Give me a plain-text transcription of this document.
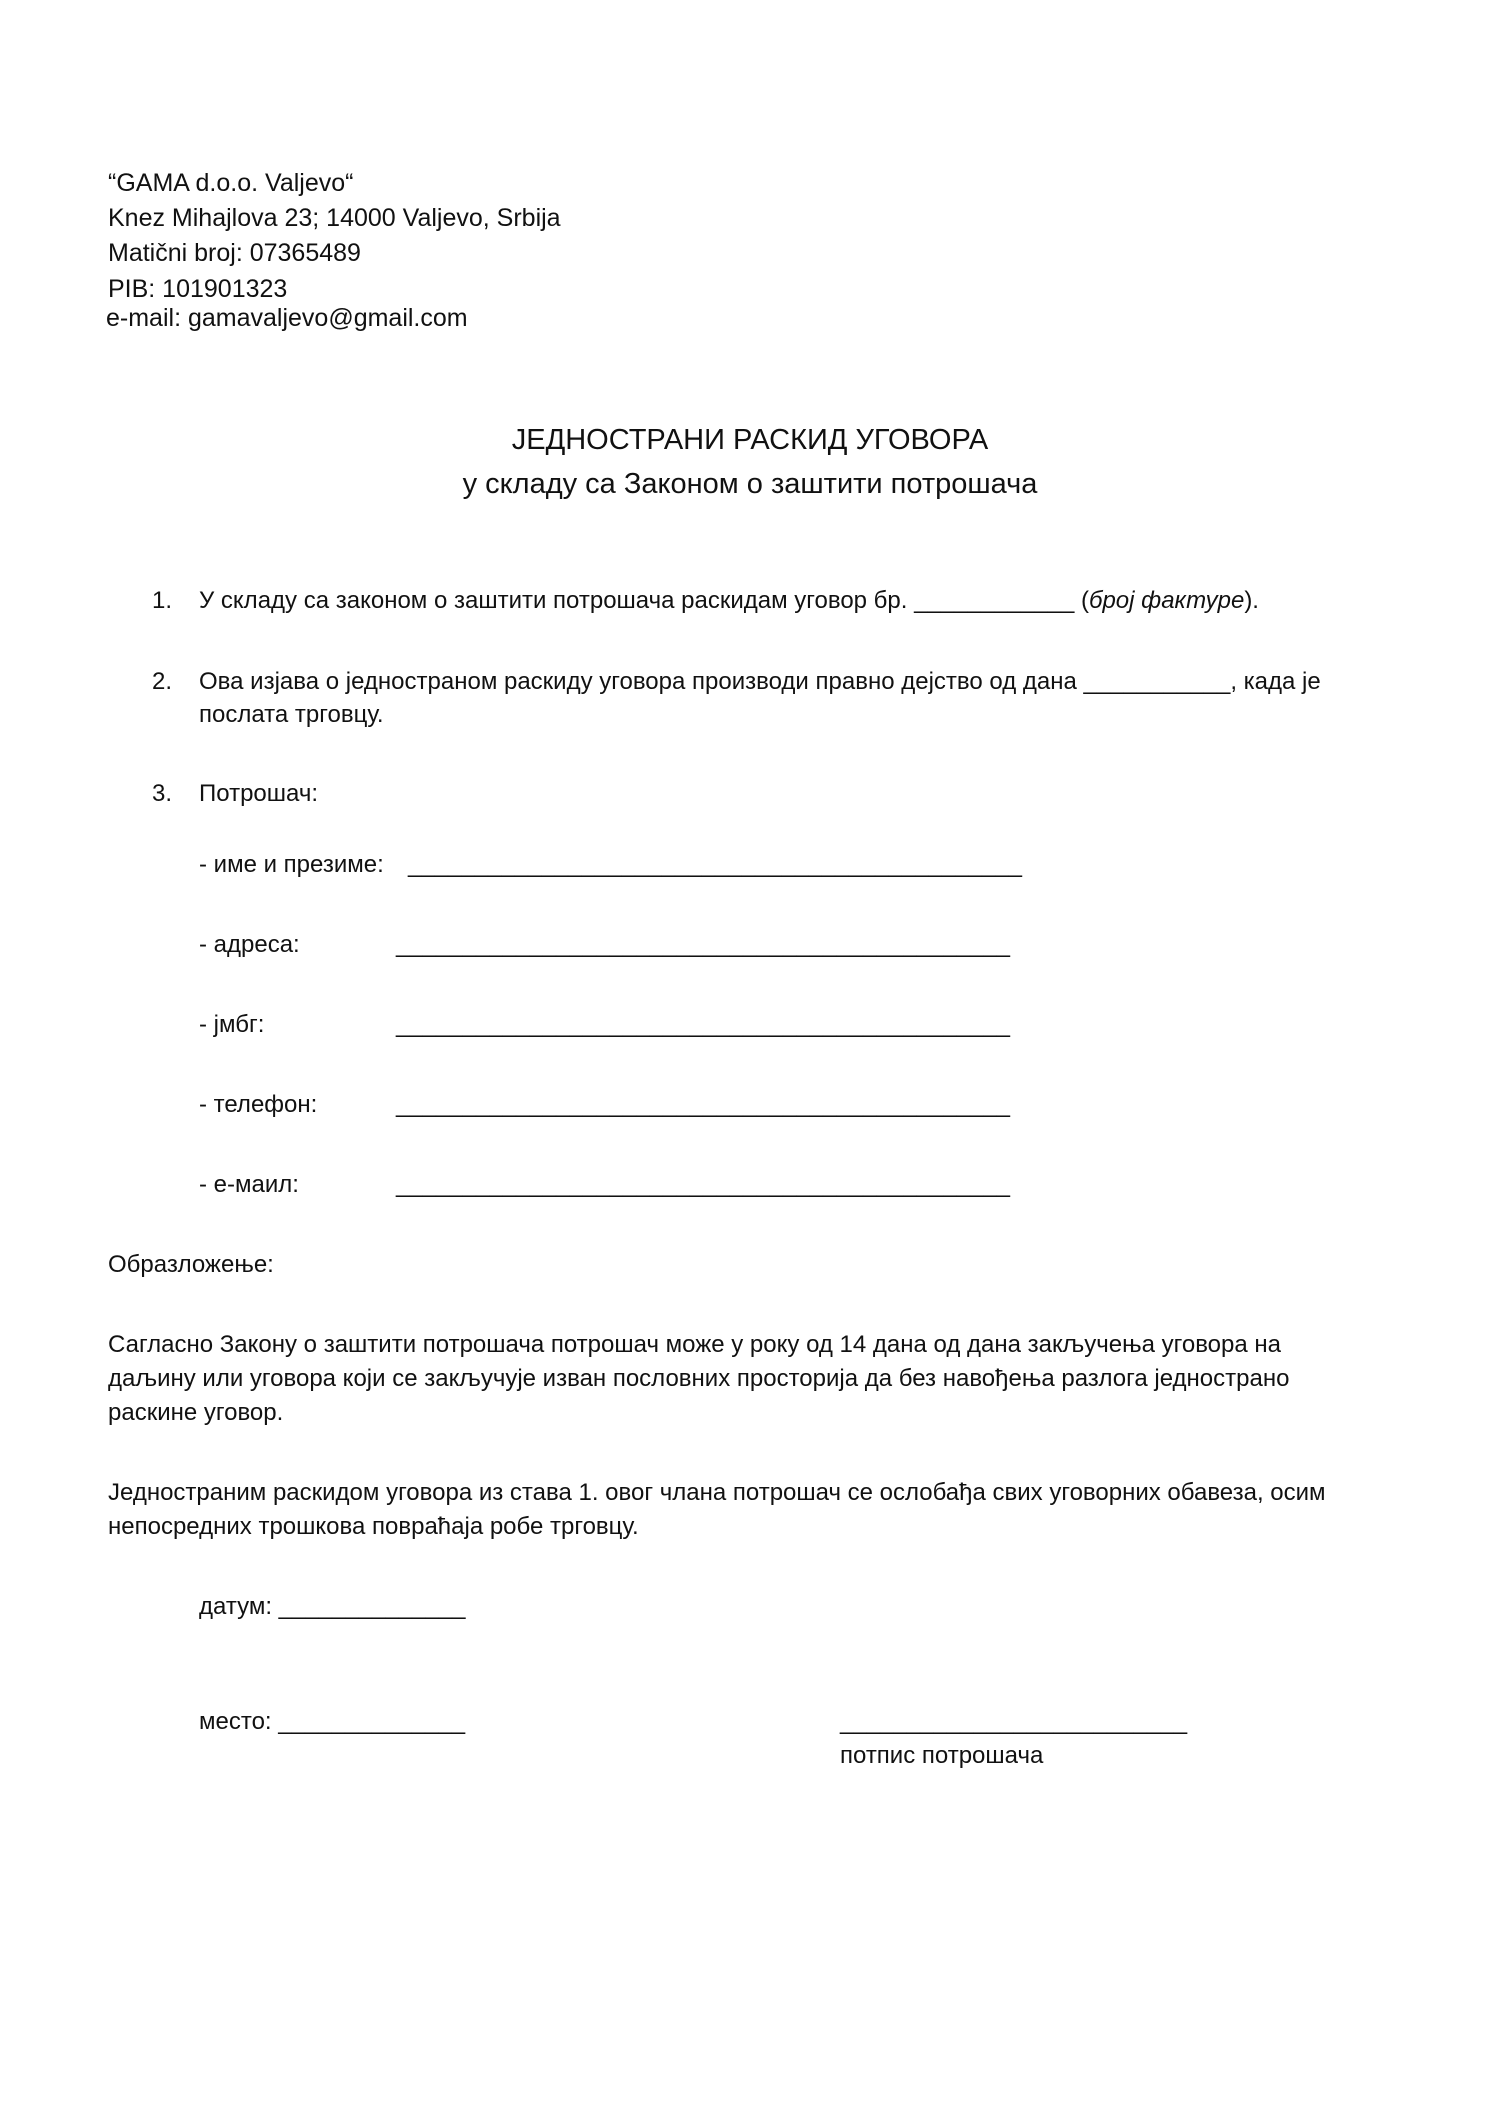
“GAMA d.o.o. Valjevo“
Knez Mihajlova 23; 14000 Valjevo, Srbija
Matični broj: 07365489
PIB: 101901323
e-mail: gamavaljevo@gmail.com
ЈЕДНОСТРАНИ РАСКИД УГОВОРА
у складу са Законом о заштити потрошача
1. У складу са законом о заштити потрошача раскидам уговор бр. ____________ (број фактуре).
2. Ова изјава о једностраном раскиду уговора производи правно дејство од дана ___________, када је
послата трговцу.
3. Потрошач:
- име и презиме: ______________________________________________
- адреса:	______________________________________________
- јмбг:	______________________________________________
- телефон:	______________________________________________
- е-маил:	______________________________________________
Образложење:
Сагласно Закону о заштити потрошача потрошач може у року од 14 дана од дана закључења уговора на
даљину или уговора који се закључује изван пословних просторија да без навођења разлога једнострано
раскине уговор.
Једностраним раскидом уговора из става 1. овог члана потрошач се ослобађа свих уговорних обавеза, осим
непосредних трошкова повраћаја робе трговцу.
датум: ______________
место: ______________	__________________________
потпис потрошача
